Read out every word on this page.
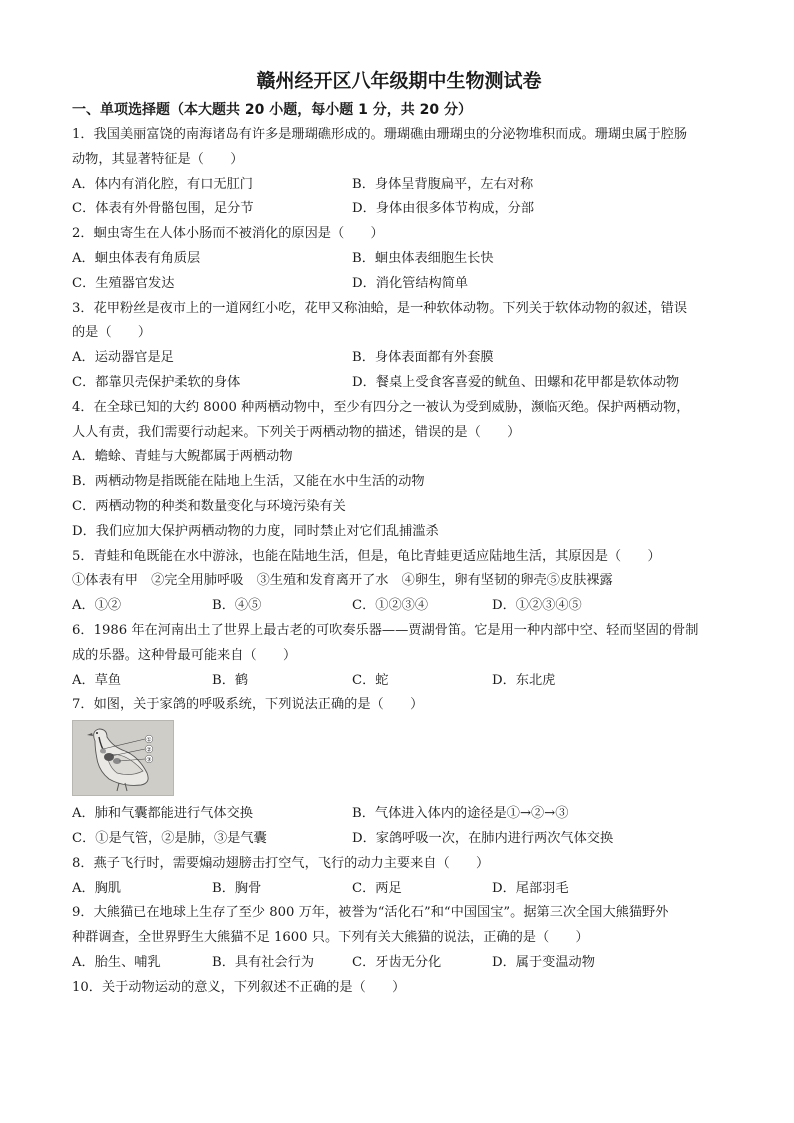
赣州经开区八年级期中生物测试卷
一、单项选择题（本大题共 20 小题，每小题 1 分，共 20 分）
1．我国美丽富饶的南海诸岛有许多是珊瑚礁形成的。珊瑚礁由珊瑚虫的分泌物堆积而成。珊瑚虫属于腔肠
动物，其显著特征是（　　）
A．体内有消化腔，有口无肛门	B．身体呈背腹扁平，左右对称
C．体表有外骨骼包围，足分节	D．身体由很多体节构成，分部
2．蛔虫寄生在人体小肠而不被消化的原因是（　　）
A．蛔虫体表有角质层	B．蛔虫体表细胞生长快
C．生殖器官发达	D．消化管结构简单
3．花甲粉丝是夜市上的一道网红小吃，花甲又称油蛤，是一种软体动物。下列关于软体动物的叙述，错误
的是（　　）
A．运动器官是足	B．身体表面都有外套膜
C．都靠贝壳保护柔软的身体	D．餐桌上受食客喜爱的鱿鱼、田螺和花甲都是软体动物
4．在全球已知的大约 8000 种两栖动物中，至少有四分之一被认为受到威胁，濒临灭绝。保护两栖动物，
人人有责，我们需要行动起来。下列关于两栖动物的描述，错误的是（　　）
A．蟾蜍、青蛙与大鲵都属于两栖动物
B．两栖动物是指既能在陆地上生活，又能在水中生活的动物
C．两栖动物的种类和数量变化与环境污染有关
D．我们应加大保护两栖动物的力度，同时禁止对它们乱捕滥杀
5．青蛙和龟既能在水中游泳，也能在陆地生活，但是，龟比青蛙更适应陆地生活，其原因是（　　）
①体表有甲　②完全用肺呼吸　③生殖和发育离开了水　④卵生，卵有坚韧的卵壳⑤皮肤裸露
A．①②	B．④⑤	C．①②③④	D．①②③④⑤
6．1986 年在河南出土了世界上最古老的可吹奏乐器——贾湖骨笛。它是用一种内部中空、轻而坚固的骨制
成的乐器。这种骨最可能来自（　　）
A．草鱼	B．鹤	C．蛇	D．东北虎
7．如图，关于家鸽的呼吸系统，下列说法正确的是（　　）
①
②
③
A．肺和气囊都能进行气体交换	B．气体进入体内的途径是①→②→③
C．①是气管，②是肺，③是气囊	D．家鸽呼吸一次，在肺内进行两次气体交换
8．燕子飞行时，需要煽动翅膀击打空气，飞行的动力主要来自（　　）
A．胸肌	B．胸骨	C．两足	D．尾部羽毛
9．大熊猫已在地球上生存了至少 800 万年，被誉为“活化石”和“中国国宝”。据第三次全国大熊猫野外
种群调查，全世界野生大熊猫不足 1600 只。下列有关大熊猫的说法，正确的是（　　）
A．胎生、哺乳	B．具有社会行为	C．牙齿无分化	D．属于变温动物
10．关于动物运动的意义，下列叙述不正确的是（　　）
